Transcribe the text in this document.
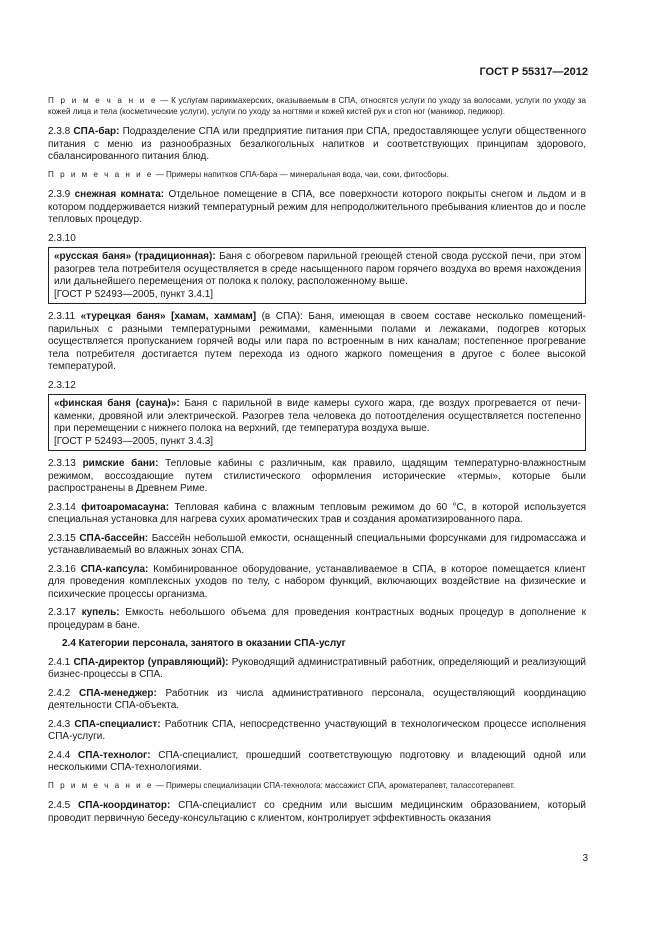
ГОСТ Р 55317—2012
П р и м е ч а н и е — К услугам парикмахерских, оказываемым в СПА, относятся услуги по уходу за волосами, услуги по уходу за кожей лица и тела (косметические услуги), услуги по уходу за ногтями и кожей кистей рук и стоп ног (маникюр, педикюр).
2.3.8 СПА-бар: Подразделение СПА или предприятие питания при СПА, предоставляющее услуги общественного питания с меню из разнообразных безалкогольных напитков и соответствующих принципам здорового, сбалансированного питания блюд.
П р и м е ч а н и е — Примеры напитков СПА-бара — минеральная вода, чаи, соки, фитосборы.
2.3.9 снежная комната: Отдельное помещение в СПА, все поверхности которого покрыты снегом и льдом и в котором поддерживается низкий температурный режим для непродолжительного пребывания клиентов до и после тепловых процедур.
2.3.10
«русская баня» (традиционная): Баня с обогревом парильной греющей стеной свода русской печи, при этом разогрев тела потребителя осуществляется в среде насыщенного паром горячего воздуха во время нахождения или дальнейшего перемещения от полока к полоку, расположенному выше.
[ГОСТ Р 52493—2005, пункт 3.4.1]
2.3.11 «турецкая баня» [хамам, хаммам] (в СПА): Баня, имеющая в своем составе несколько помещений-парильных с разными температурными режимами, каменными полами и лежаками, подогрев которых осуществляется пропусканием горячей воды или пара по встроенным в них каналам; постепенное прогревание тела потребителя достигается путем перехода из одного жаркого помещения в другое с более высокой температурой.
2.3.12
«финская баня (сауна)»: Баня с парильной в виде камеры сухого жара, где воздух прогревается от печи-каменки, дровяной или электрической. Разогрев тела человека до потоотделения осуществляется постепенно при перемещении с нижнего полока на верхний, где температура воздуха выше.
[ГОСТ Р 52493—2005, пункт 3.4.3]
2.3.13 римские бани: Тепловые кабины с различным, как правило, щадящим температурно-влажностным режимом, воссоздающие путем стилистического оформления исторические «термы», которые были распространены в Древнем Риме.
2.3.14 фитоаромасауна: Тепловая кабина с влажным тепловым режимом до 60 °С, в которой используется специальная установка для нагрева сухих ароматических трав и создания ароматизированного пара.
2.3.15 СПА-бассейн: Бассейн небольшой емкости, оснащенный специальными форсунками для гидромассажа и устанавливаемый во влажных зонах СПА.
2.3.16 СПА-капсула: Комбинированное оборудование, устанавливаемое в СПА, в которое помещается клиент для проведения комплексных уходов по телу, с набором функций, включающих воздействие на физические и психические процессы организма.
2.3.17 купель: Емкость небольшого объема для проведения контрастных водных процедур в дополнение к процедурам в бане.
2.4 Категории персонала, занятого в оказании СПА-услуг
2.4.1 СПА-директор (управляющий): Руководящий административный работник, определяющий и реализующий бизнес-процессы в СПА.
2.4.2 СПА-менеджер: Работник из числа административного персонала, осуществляющий координацию деятельности СПА-объекта.
2.4.3 СПА-специалист: Работник СПА, непосредственно участвующий в технологическом процессе исполнения СПА-услуги.
2.4.4 СПА-технолог: СПА-специалист, прошедший соответствующую подготовку и владеющий одной или несколькими СПА-технологиями.
П р и м е ч а н и е — Примеры специализации СПА-технолога: массажист СПА, ароматерапевт, талассотерапевт.
2.4.5 СПА-координатор: СПА-специалист со средним или высшим медицинским образованием, который проводит первичную беседу-консультацию с клиентом, контролирует эффективность оказания
3
